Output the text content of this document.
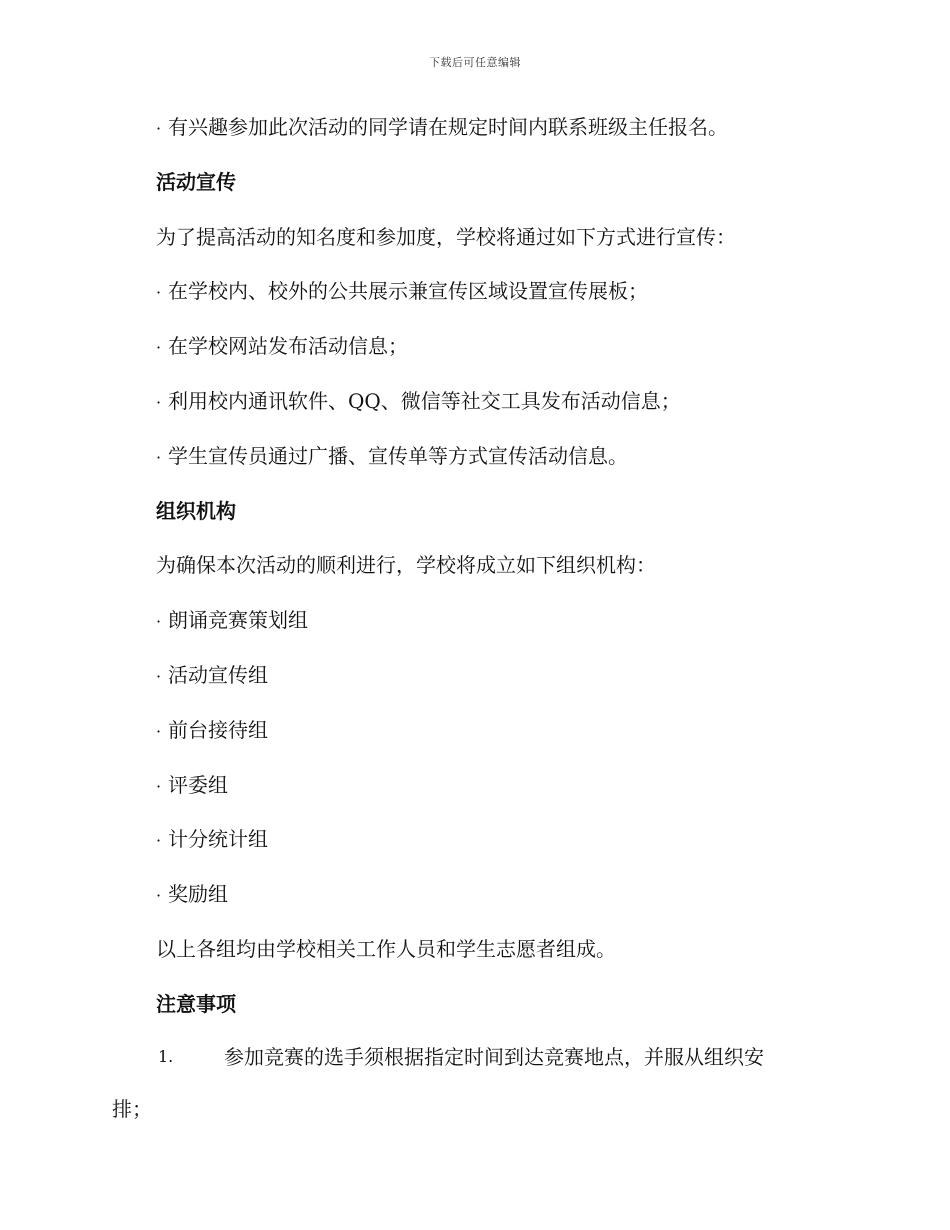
下载后可任意编辑
· 有兴趣参加此次活动的同学请在规定时间内联系班级主任报名。
活动宣传
为了提高活动的知名度和参加度，学校将通过如下方式进行宣传：
· 在学校内、校外的公共展示兼宣传区域设置宣传展板；
· 在学校网站发布活动信息；
· 利用校内通讯软件、QQ、微信等社交工具发布活动信息；
· 学生宣传员通过广播、宣传单等方式宣传活动信息。
组织机构
为确保本次活动的顺利进行，学校将成立如下组织机构：
· 朗诵竞赛策划组
· 活动宣传组
· 前台接待组
· 评委组
· 计分统计组
· 奖励组
以上各组均由学校相关工作人员和学生志愿者组成。
注意事项
1.	参加竞赛的选手须根据指定时间到达竞赛地点，并服从组织安
排；
